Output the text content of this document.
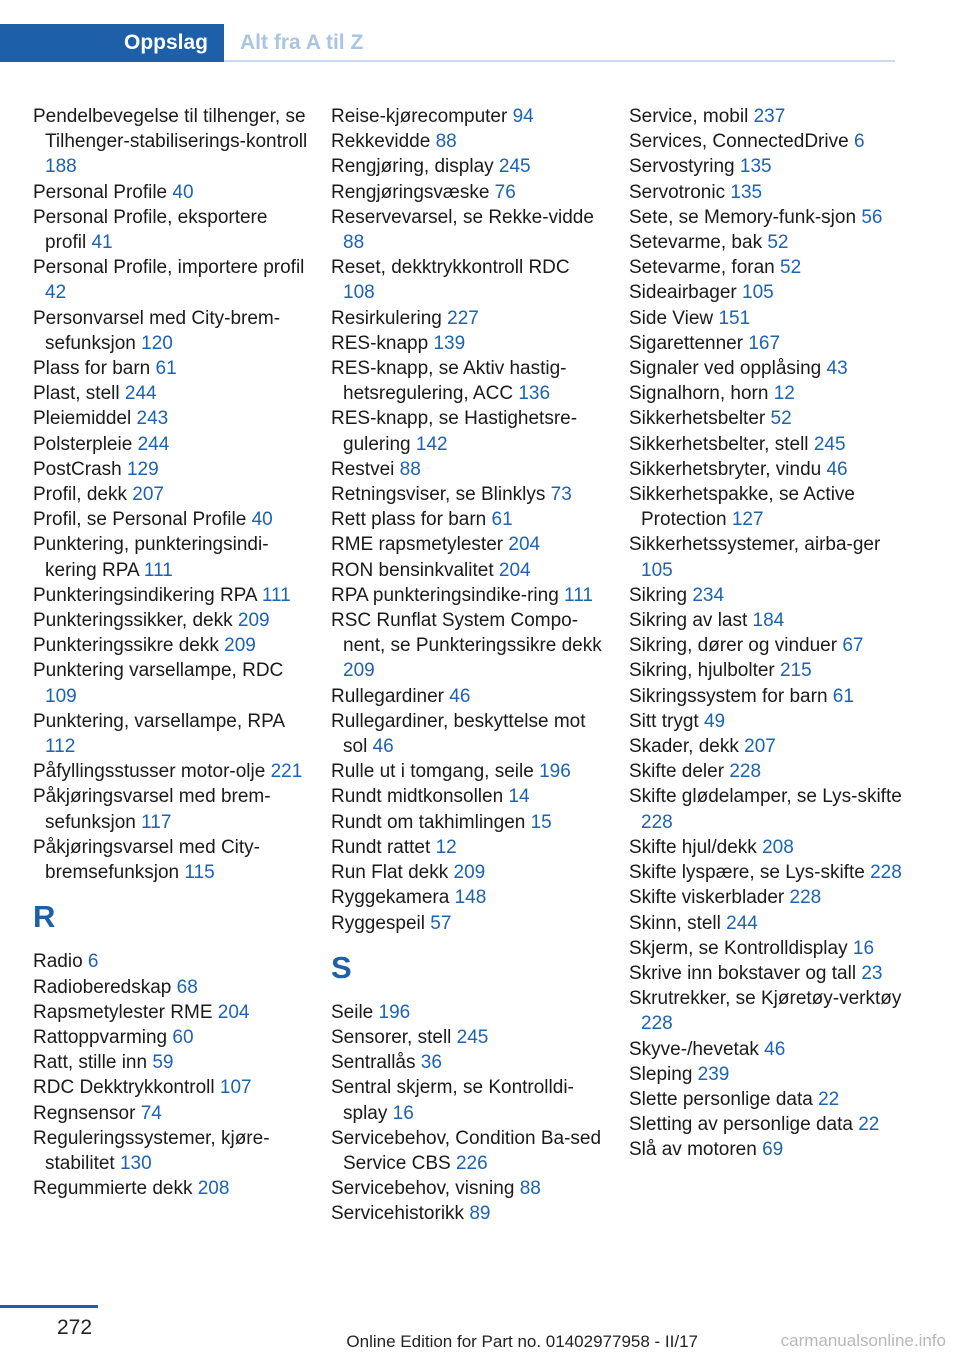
Oppslag	Alt fra A til Z
Pendelbevegelse til tilhenger, se Tilhenger-stabiliserings-kontroll 188
Personal Profile 40
Personal Profile, eksportere profil 41
Personal Profile, importere profil 42
Personvarsel med City-brem-sefunksjon 120
Plass for barn 61
Plast, stell 244
Pleiemiddel 243
Polsterpleie 244
PostCrash 129
Profil, dekk 207
Profil, se Personal Profile 40
Punktering, punkteringsindi-kering RPA 111
Punkteringsindikering RPA 111
Punkteringssikker, dekk 209
Punkteringssikre dekk 209
Punktering varsellampe, RDC 109
Punktering, varsellampe, RPA 112
Påfyllingsstusser motor-olje 221
Påkjøringsvarsel med brem-sefunksjon 117
Påkjøringsvarsel med City-bremsefunksjon 115
R
Radio 6
Radioberedskap 68
Rapsmetylester RME 204
Rattoppvarming 60
Ratt, stille inn 59
RDC Dekktrykkontroll 107
Regnsensor 74
Reguleringssystemer, kjøre-stabilitet 130
Regummierte dekk 208
Reise-kjørecomputer 94
Rekkevidde 88
Rengjøring, display 245
Rengjøringsvæske 76
Reservevarsel, se Rekke-vidde 88
Reset, dekktrykkontroll RDC 108
Resirkulering 227
RES-knapp 139
RES-knapp, se Aktiv hastig-hetsregulering, ACC 136
RES-knapp, se Hastighetsre-gulering 142
Restvei 88
Retningsviser, se Blinklys 73
Rett plass for barn 61
RME rapsmetylester 204
RON bensinkvalitet 204
RPA punkteringsindike-ring 111
RSC Runflat System Compo-nent, se Punkteringssikre dekk 209
Rullegardiner 46
Rullegardiner, beskyttelse mot sol 46
Rulle ut i tomgang, seile 196
Rundt midtkonsollen 14
Rundt om takhimlingen 15
Rundt rattet 12
Run Flat dekk 209
Ryggekamera 148
Ryggespeil 57
S
Seile 196
Sensorer, stell 245
Sentrallås 36
Sentral skjerm, se Kontrolldi-splay 16
Servicebehov, Condition Ba-sed Service CBS 226
Servicebehov, visning 88
Servicehistorikk 89
Service, mobil 237
Services, ConnectedDrive 6
Servostyring 135
Servotronic 135
Sete, se Memory-funk-sjon 56
Setevarme, bak 52
Setevarme, foran 52
Sideairbager 105
Side View 151
Sigarettenner 167
Signaler ved opplåsing 43
Signalhorn, horn 12
Sikkerhetsbelter 52
Sikkerhetsbelter, stell 245
Sikkerhetsbryter, vindu 46
Sikkerhetspakke, se Active Protection 127
Sikkerhetssystemer, airba-ger 105
Sikring 234
Sikring av last 184
Sikring, dører og vinduer 67
Sikring, hjulbolter 215
Sikringssystem for barn 61
Sitt trygt 49
Skader, dekk 207
Skifte deler 228
Skifte glødelamper, se Lys-skifte 228
Skifte hjul/dekk 208
Skifte lyspære, se Lys-skifte 228
Skifte viskerblader 228
Skinn, stell 244
Skjerm, se Kontrolldisplay 16
Skrive inn bokstaver og tall 23
Skrutrekker, se Kjøretøy-verktøy 228
Skyve-/hevetak 46
Sleping 239
Slette personlige data 22
Sletting av personlige data 22
Slå av motoren 69
272
Online Edition for Part no. 01402977958 - II/17	carmanualsonline.info
